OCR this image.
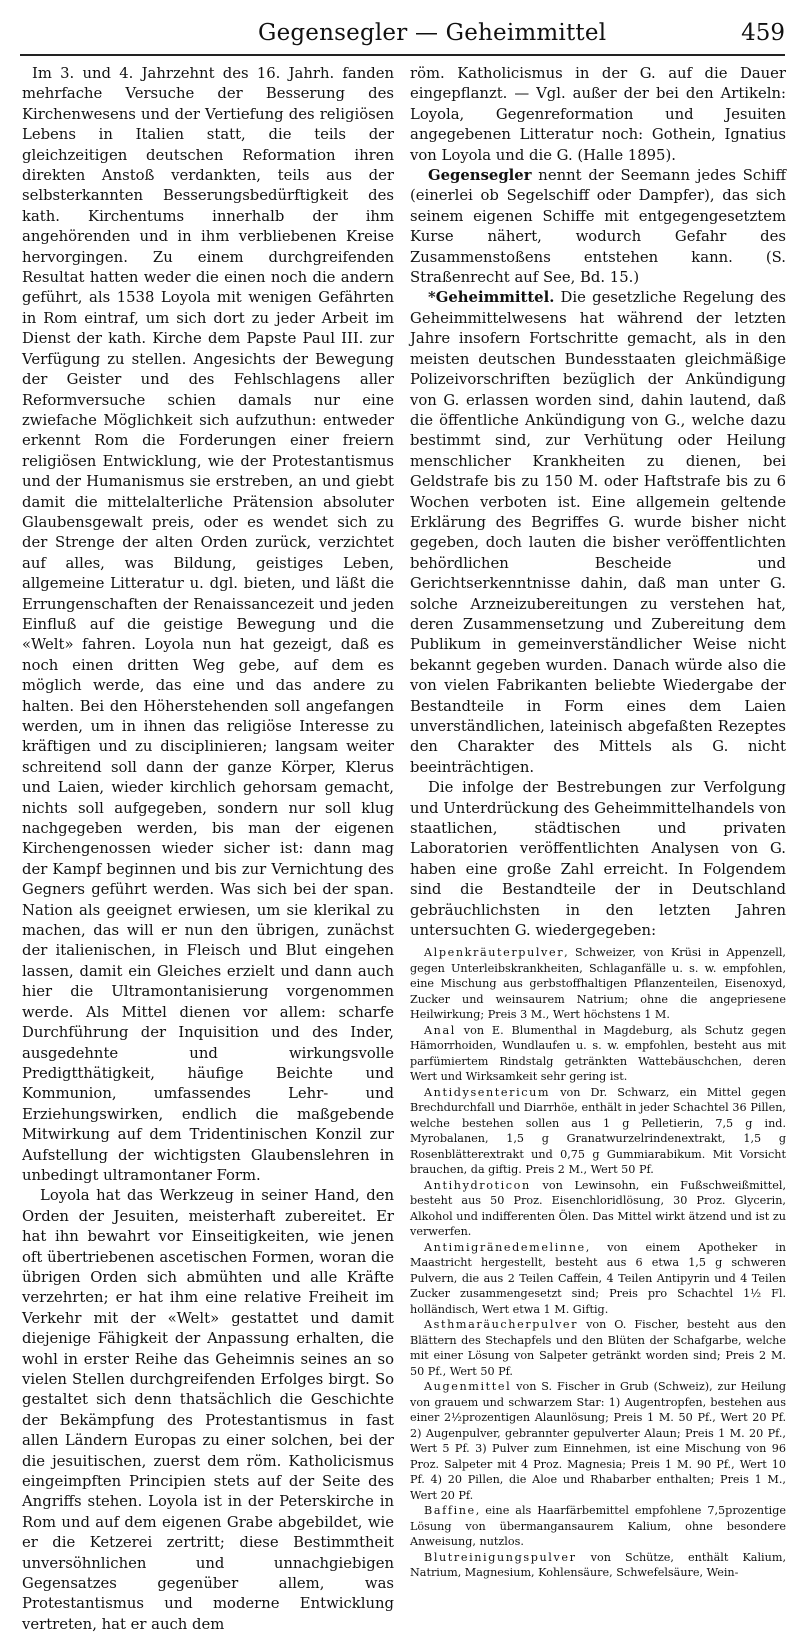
Gegensegler — Geheimmittel	459

Im 3. und 4. Jahrzehnt des 16. Jahrh. fanden mehrfache Versuche der Besserung des Kirchenwesens und der Vertiefung des religiösen Lebens in Italien statt, die teils der gleichzeitigen deutschen Reformation ihren direkten Anstoß verdankten, teils aus der selbsterkannten Besserungsbedürftigkeit des kath. Kirchentums innerhalb der ihm angehörenden und in ihm verbliebenen Kreise hervorgingen. Zu einem durchgreifenden Resultat hatten weder die einen noch die andern geführt, als 1538 Loyola mit wenigen Gefährten in Rom eintraf, um sich dort zu jeder Arbeit im Dienst der kath. Kirche dem Papste Paul III. zur Verfügung zu stellen. Angesichts der Bewegung der Geister und des Fehlschlagens aller Reformversuche schien damals nur eine zwiefache Möglichkeit sich aufzuthun: entweder erkennt Rom die Forderungen einer freiern religiösen Entwicklung, wie der Protestantismus und der Humanismus sie erstreben, an und giebt damit die mittelalterliche Prätension absoluter Glaubensgewalt preis, oder es wendet sich zu der Strenge der alten Orden zurück, verzichtet auf alles, was Bildung, geistiges Leben, allgemeine Litteratur u. dgl. bieten, und läßt die Errungenschaften der Renaissancezeit und jeden Einfluß auf die geistige Bewegung und die «Welt» fahren. Loyola nun hat gezeigt, daß es noch einen dritten Weg gebe, auf dem es möglich werde, das eine und das andere zu halten. Bei den Höherstehenden soll angefangen werden, um in ihnen das religiöse Interesse zu kräftigen und zu disciplinieren; langsam weiter schreitend soll dann der ganze Körper, Klerus und Laien, wieder kirchlich gehorsam gemacht, nichts soll aufgegeben, sondern nur soll klug nachgegeben werden, bis man der eigenen Kirchengenossen wieder sicher ist: dann mag der Kampf beginnen und bis zur Vernichtung des Gegners geführt werden. Was sich bei der span. Nation als geeignet erwiesen, um sie klerikal zu machen, das will er nun den übrigen, zunächst der italienischen, in Fleisch und Blut eingehen lassen, damit ein Gleiches erzielt und dann auch hier die Ultramontanisierung vorgenommen werde. Als Mittel dienen vor allem: scharfe Durchführung der Inquisition und des Inder, ausgedehnte und wirkungsvolle Predigtthätigkeit, häufige Beichte und Kommunion, umfassendes Lehr- und Erziehungswirken, endlich die maßgebende Mitwirkung auf dem Tridentinischen Konzil zur Aufstellung der wichtigsten Glaubenslehren in unbedingt ultramontaner Form.

Loyola hat das Werkzeug in seiner Hand, den Orden der Jesuiten, meisterhaft zubereitet. Er hat ihn bewahrt vor Einseitigkeiten, wie jenen oft übertriebenen ascetischen Formen, woran die übrigen Orden sich abmühten und alle Kräfte verzehrten; er hat ihm eine relative Freiheit im Verkehr mit der «Welt» gestattet und damit diejenige Fähigkeit der Anpassung erhalten, die wohl in erster Reihe das Geheimnis seines an so vielen Stellen durchgreifenden Erfolges birgt. So gestaltet sich denn thatsächlich die Geschichte der Bekämpfung des Protestantismus in fast allen Ländern Europas zu einer solchen, bei der die jesuitischen, zuerst dem röm. Katholicismus eingeimpften Principien stets auf der Seite des Angriffs stehen. Loyola ist in der Peterskirche in Rom und auf dem eigenen Grabe abgebildet, wie er die Ketzerei zertritt; diese Bestimmtheit unversöhnlichen und unnachgiebigen Gegensatzes gegenüber allem, was Protestantismus und moderne Entwicklung vertreten, hat er auch dem

röm. Katholicismus in der G. auf die Dauer eingepflanzt. — Vgl. außer der bei den Artikeln: Loyola, Gegenreformation und Jesuiten angegebenen Litteratur noch: Gothein, Ignatius von Loyola und die G. (Halle 1895).

Gegensegler nennt der Seemann jedes Schiff (einerlei ob Segelschiff oder Dampfer), das sich seinem eigenen Schiffe mit entgegengesetztem Kurse nähert, wodurch Gefahr des Zusammenstoßens entstehen kann. (S. Straßenrecht auf See, Bd. 15.)

*Geheimmittel. Die gesetzliche Regelung des Geheimmittelwesens hat während der letzten Jahre insofern Fortschritte gemacht, als in den meisten deutschen Bundesstaaten gleichmäßige Polizeivorschriften bezüglich der Ankündigung von G. erlassen worden sind, dahin lautend, daß die öffentliche Ankündigung von G., welche dazu bestimmt sind, zur Verhütung oder Heilung menschlicher Krankheiten zu dienen, bei Geldstrafe bis zu 150 M. oder Haftstrafe bis zu 6 Wochen verboten ist. Eine allgemein geltende Erklärung des Begriffes G. wurde bisher nicht gegeben, doch lauten die bisher veröffentlichten behördlichen Bescheide und Gerichtserkenntnisse dahin, daß man unter G. solche Arzneizubereitungen zu verstehen hat, deren Zusammensetzung und Zubereitung dem Publikum in gemeinverständlicher Weise nicht bekannt gegeben wurden. Danach würde also die von vielen Fabrikanten beliebte Wiedergabe der Bestandteile in Form eines dem Laien unverständlichen, lateinisch abgefaßten Rezeptes den Charakter des Mittels als G. nicht beeinträchtigen.

Die infolge der Bestrebungen zur Verfolgung und Unterdrückung des Geheimmittelhandels von staatlichen, städtischen und privaten Laboratorien veröffentlichten Analysen von G. haben eine große Zahl erreicht. In Folgendem sind die Bestandteile der in Deutschland gebräuchlichsten in den letzten Jahren untersuchten G. wiedergegeben:

Alpenkräuterpulver, Schweizer, von Krüsi in Appenzell, gegen Unterleibskrankheiten, Schlaganfälle u. s. w. empfohlen, eine Mischung aus gerbstoffhaltigen Pflanzenteilen, Eisenoxyd, Zucker und weinsaurem Natrium; ohne die angepriesene Heilwirkung; Preis 3 M., Wert höchstens 1 M.

Anal von E. Blumenthal in Magdeburg, als Schutz gegen Hämorrhoiden, Wundlaufen u. s. w. empfohlen, besteht aus mit parfümiertem Rindstalg getränkten Wattebäuschchen, deren Wert und Wirksamkeit sehr gering ist.

Antidysentericum von Dr. Schwarz, ein Mittel gegen Brechdurchfall und Diarrhöe, enthält in jeder Schachtel 36 Pillen, welche bestehen sollen aus 1 g Pelletierin, 7,5 g ind. Myrobalanen, 1,5 g Granatwurzelrindenextrakt, 1,5 g Rosenblätterextrakt und 0,75 g Gummiarabikum. Mit Vorsicht brauchen, da giftig. Preis 2 M., Wert 50 Pf.

Antihydroticon von Lewinsohn, ein Fußschweißmittel, besteht aus 50 Proz. Eisenchloridlösung, 30 Proz. Glycerin, Alkohol und indifferenten Ölen. Das Mittel wirkt ätzend und ist zu verwerfen.

Antimigränedemelinne, von einem Apotheker in Maastricht hergestellt, besteht aus 6 etwa 1,5 g schweren Pulvern, die aus 2 Teilen Caffein, 4 Teilen Antipyrin und 4 Teilen Zucker zusammengesetzt sind; Preis pro Schachtel 1½ Fl. holländisch, Wert etwa 1 M. Giftig.

Asthmaräucherpulver von O. Fischer, besteht aus den Blättern des Stechapfels und den Blüten der Schafgarbe, welche mit einer Lösung von Salpeter getränkt worden sind; Preis 2 M. 50 Pf., Wert 50 Pf.

Augenmittel von S. Fischer in Grub (Schweiz), zur Heilung von grauem und schwarzem Star: 1) Augentropfen, bestehen aus einer 2½prozentigen Alaunlösung; Preis 1 M. 50 Pf., Wert 20 Pf. 2) Augenpulver, gebrannter gepulverter Alaun; Preis 1 M. 20 Pf., Wert 5 Pf. 3) Pulver zum Einnehmen, ist eine Mischung von 96 Proz. Salpeter mit 4 Proz. Magnesia; Preis 1 M. 90 Pf., Wert 10 Pf. 4) 20 Pillen, die Aloe und Rhabarber enthalten; Preis 1 M., Wert 20 Pf.

Baffine, eine als Haarfärbemittel empfohlene 7,5prozentige Lösung von übermangansaurem Kalium, ohne besondere Anweisung, nutzlos.

Blutreinigungspulver von Schütze, enthält Kalium, Natrium, Magnesium, Kohlensäure, Schwefelsäure, Wein-
